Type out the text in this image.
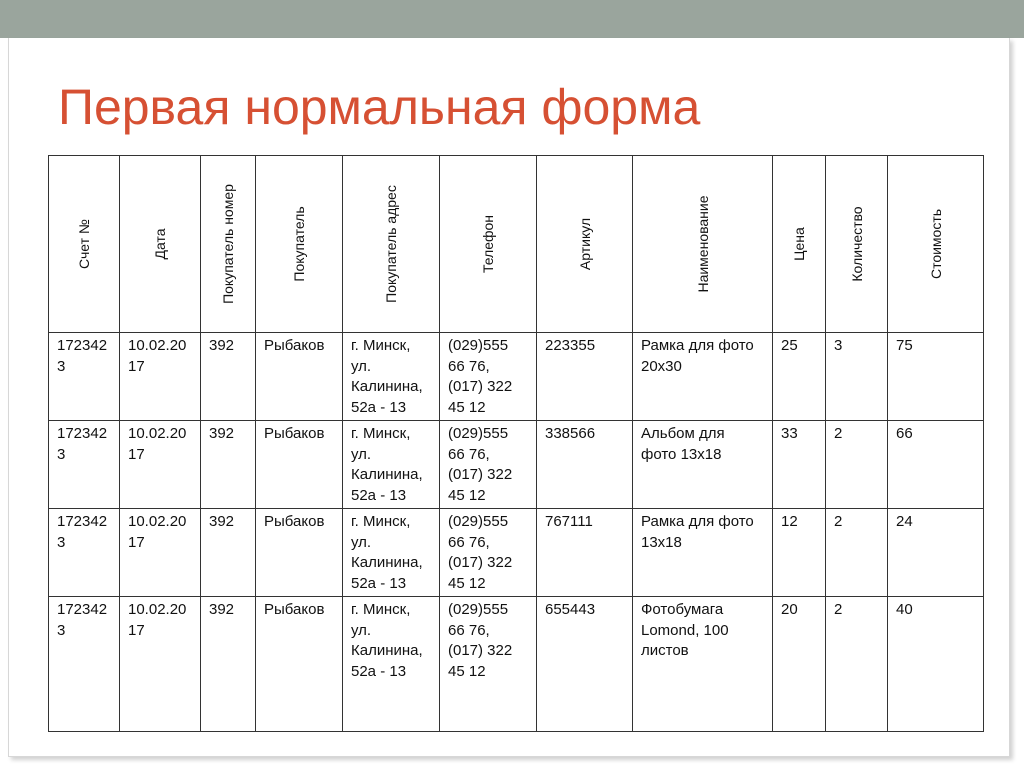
Первая нормальная форма
Счет №	Дата	Покупатель номер	Покупатель	Покупатель адрес	Телефон	Артикул	Наименование	Цена	Количество	Стоимость

1723423	10.02.2017	392	Рыбаков	г. Минск, ул. Калинина, 52а - 13	(029)555 66 76, (017) 322 45 12	223355	Рамка для фото 20х30	25	3	75
1723423	10.02.2017	392	Рыбаков	г. Минск, ул. Калинина, 52а - 13	(029)555 66 76, (017) 322 45 12	338566	Альбом для фото 13х18	33	2	66
1723423	10.02.2017	392	Рыбаков	г. Минск, ул. Калинина, 52а - 13	(029)555 66 76, (017) 322 45 12	767111	Рамка для фото 13х18	12	2	24
1723423	10.02.2017	392	Рыбаков	г. Минск, ул. Калинина, 52а - 13	(029)555 66 76, (017) 322 45 12	655443	Фотобумага Lomond, 100 листов	20	2	40
